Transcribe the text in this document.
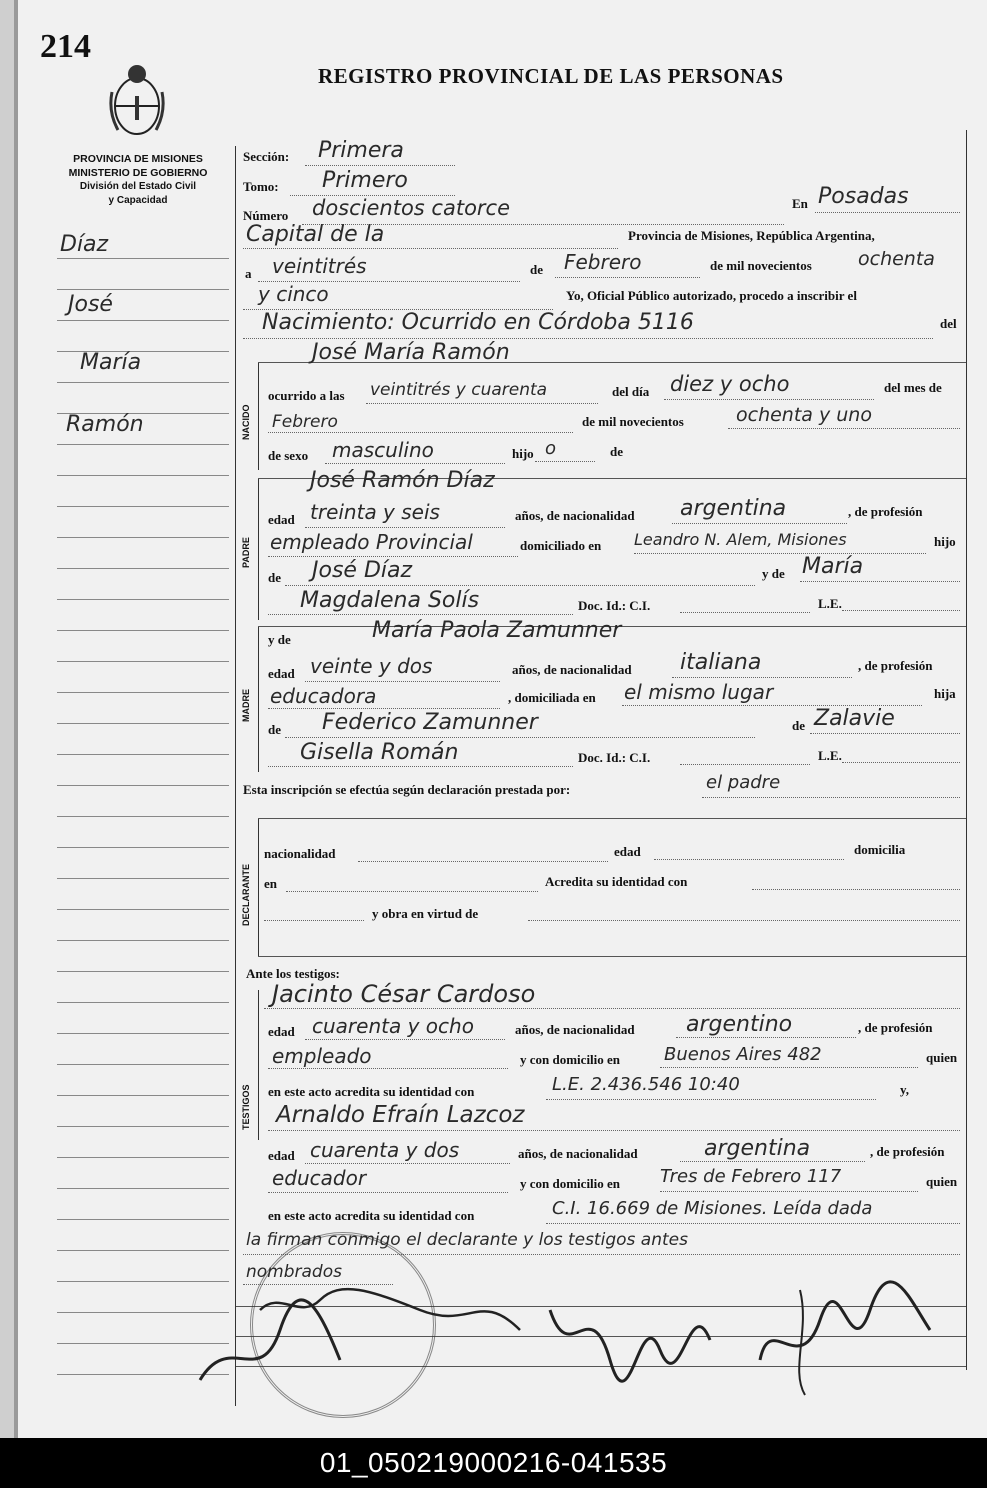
214
REGISTRO PROVINCIAL DE LAS PERSONAS
PROVINCIA DE MISIONES
MINISTERIO DE GOBIERNO
División del Estado Civil
y Capacidad
Díaz
José
María
Ramón	NACIDO
PADRE
MADRE
DECLARANTE
TESTIGOS
Sección: Primera
Tomo: Primero
Número doscientos catorce	En Posadas
Capital de la	Provincia de Misiones, República Argentina,
a veintitrés	de Febrero	de mil novecientos ochenta
y cinco	Yo, Oficial Público autorizado, procedo a inscribir el
Nacimiento: Ocurrido en Córdoba 5116	del
José María Ramón
ocurrido a las veintitrés y cuarenta	del día diez y ocho	del mes de
Febrero	de mil novecientos	ochenta y uno
de sexo masculino	hijo o	de
José Ramón Díaz
edad treinta y seis	años, de nacionalidad argentina	, de profesión
empleado Provincial	domiciliado en Leandro N. Alem, Misiones	hijo
de José Díaz	y de María
Magdalena Solís	Doc. Id.: C.I.	L.E.
y de	María Paola Zamunner
edad veinte y dos	años, de nacionalidad italiana	, de profesión
educadora	, domiciliada en el mismo lugar	hija
de Federico Zamunner	de Zalavie
Gisella Román	Doc. Id.: C.I.	L.E.
Esta inscripción se efectúa según declaración prestada por:	el padre
nacionalidad	edad	domicilia
en	Acredita su identidad con
y obra en virtud de
Ante los testigos:
Jacinto César Cardoso
edad cuarenta y ocho	años, de nacionalidad argentino	, de profesión
empleado	y con domicilio en Buenos Aires 482	quien
en este acto acredita su identidad con	L.E. 2.436.546 10:40	y,
Arnaldo Efraín Lazcoz
edad cuarenta y dos	años, de nacionalidad	argentina	, de profesión
educador	y con domicilio en Tres de Febrero 117	quien
en este acto acredita su identidad con	C.I. 16.669 de Misiones. Leída dada
la firman conmigo el declarante y los testigos antes
nombrados
01_050219000216-041535
